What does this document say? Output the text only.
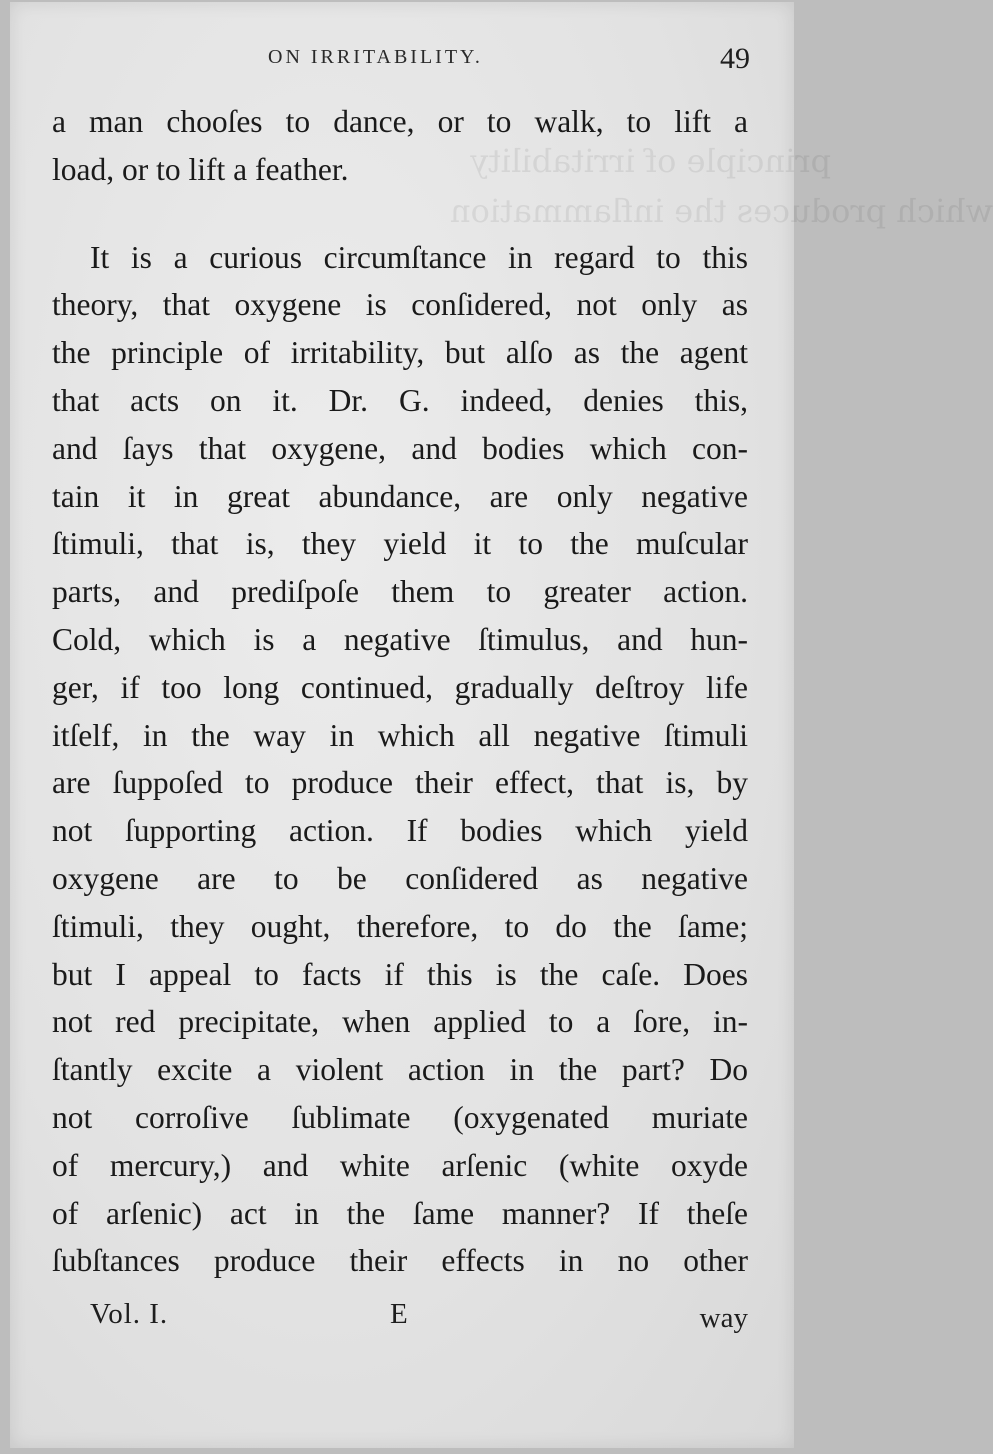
principle of irritability
which produces the inflammation
ON IRRITABILITY.	49
a man chooſes to dance, or to walk, to lift a
load, or to lift a feather.
It is a curious circumſtance in regard to this
theory, that oxygene is conſidered, not only as
the principle of irritability, but alſo as the agent
that acts on it. Dr. G. indeed, denies this,
and ſays that oxygene, and bodies which con-
tain it in great abundance, are only negative
ſtimuli, that is, they yield it to the muſcular
parts, and prediſpoſe them to greater action.
Cold, which is a negative ſtimulus, and hun-
ger, if too long continued, gradually deſtroy life
itſelf, in the way in which all negative ſtimuli
are ſuppoſed to produce their effect, that is, by
not ſupporting action. If bodies which yield
oxygene are to be conſidered as negative
ſtimuli, they ought, therefore, to do the ſame;
but I appeal to facts if this is the caſe. Does
not red precipitate, when applied to a ſore, in-
ſtantly excite a violent action in the part? Do
not corroſive ſublimate (oxygenated muriate
of mercury,) and white arſenic (white oxyde
of arſenic) act in the ſame manner? If theſe
ſubſtances produce their effects in no other
Vol. I.	E	way
